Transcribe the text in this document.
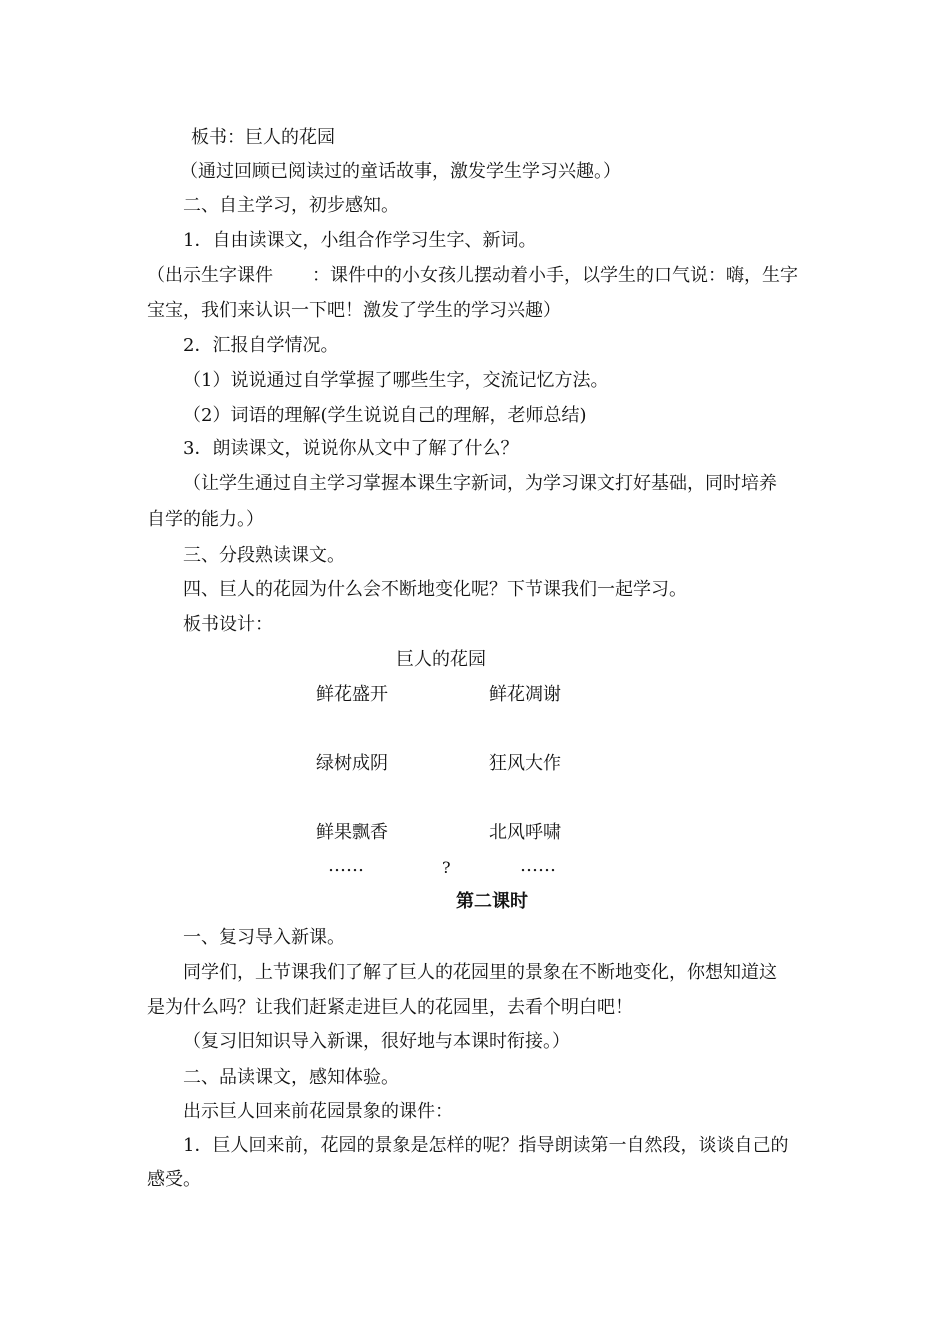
板书：巨人的花园
（通过回顾已阅读过的童话故事，激发学生学习兴趣。）
二、自主学习，初步感知。
1．自由读课文，小组合作学习生字、新词。
（出示生字课件 ：课件中的小女孩儿摆动着小手，以学生的口气说：嗨，生字
宝宝，我们来认识一下吧！激发了学生的学习兴趣）
2．汇报自学情况。
（1）说说通过自学掌握了哪些生字，交流记忆方法。
（2）词语的理解(学生说说自己的理解，老师总结)
3．朗读课文，说说你从文中了解了什么？
（让学生通过自主学习掌握本课生字新词，为学习课文打好基础，同时培养
自学的能力。）
三、分段熟读课文。
四、巨人的花园为什么会不断地变化呢？下节课我们一起学习。
板书设计：
巨人的花园
鲜花盛开	鲜花凋谢
绿树成阴	狂风大作
鲜果飘香	北风呼啸
……	?	……
第二课时
一、复习导入新课。
同学们，上节课我们了解了巨人的花园里的景象在不断地变化，你想知道这
是为什么吗？让我们赶紧走进巨人的花园里，去看个明白吧！
（复习旧知识导入新课，很好地与本课时衔接。）
二、品读课文，感知体验。
出示巨人回来前花园景象的课件：
1．巨人回来前，花园的景象是怎样的呢？指导朗读第一自然段，谈谈自己的
感受。
